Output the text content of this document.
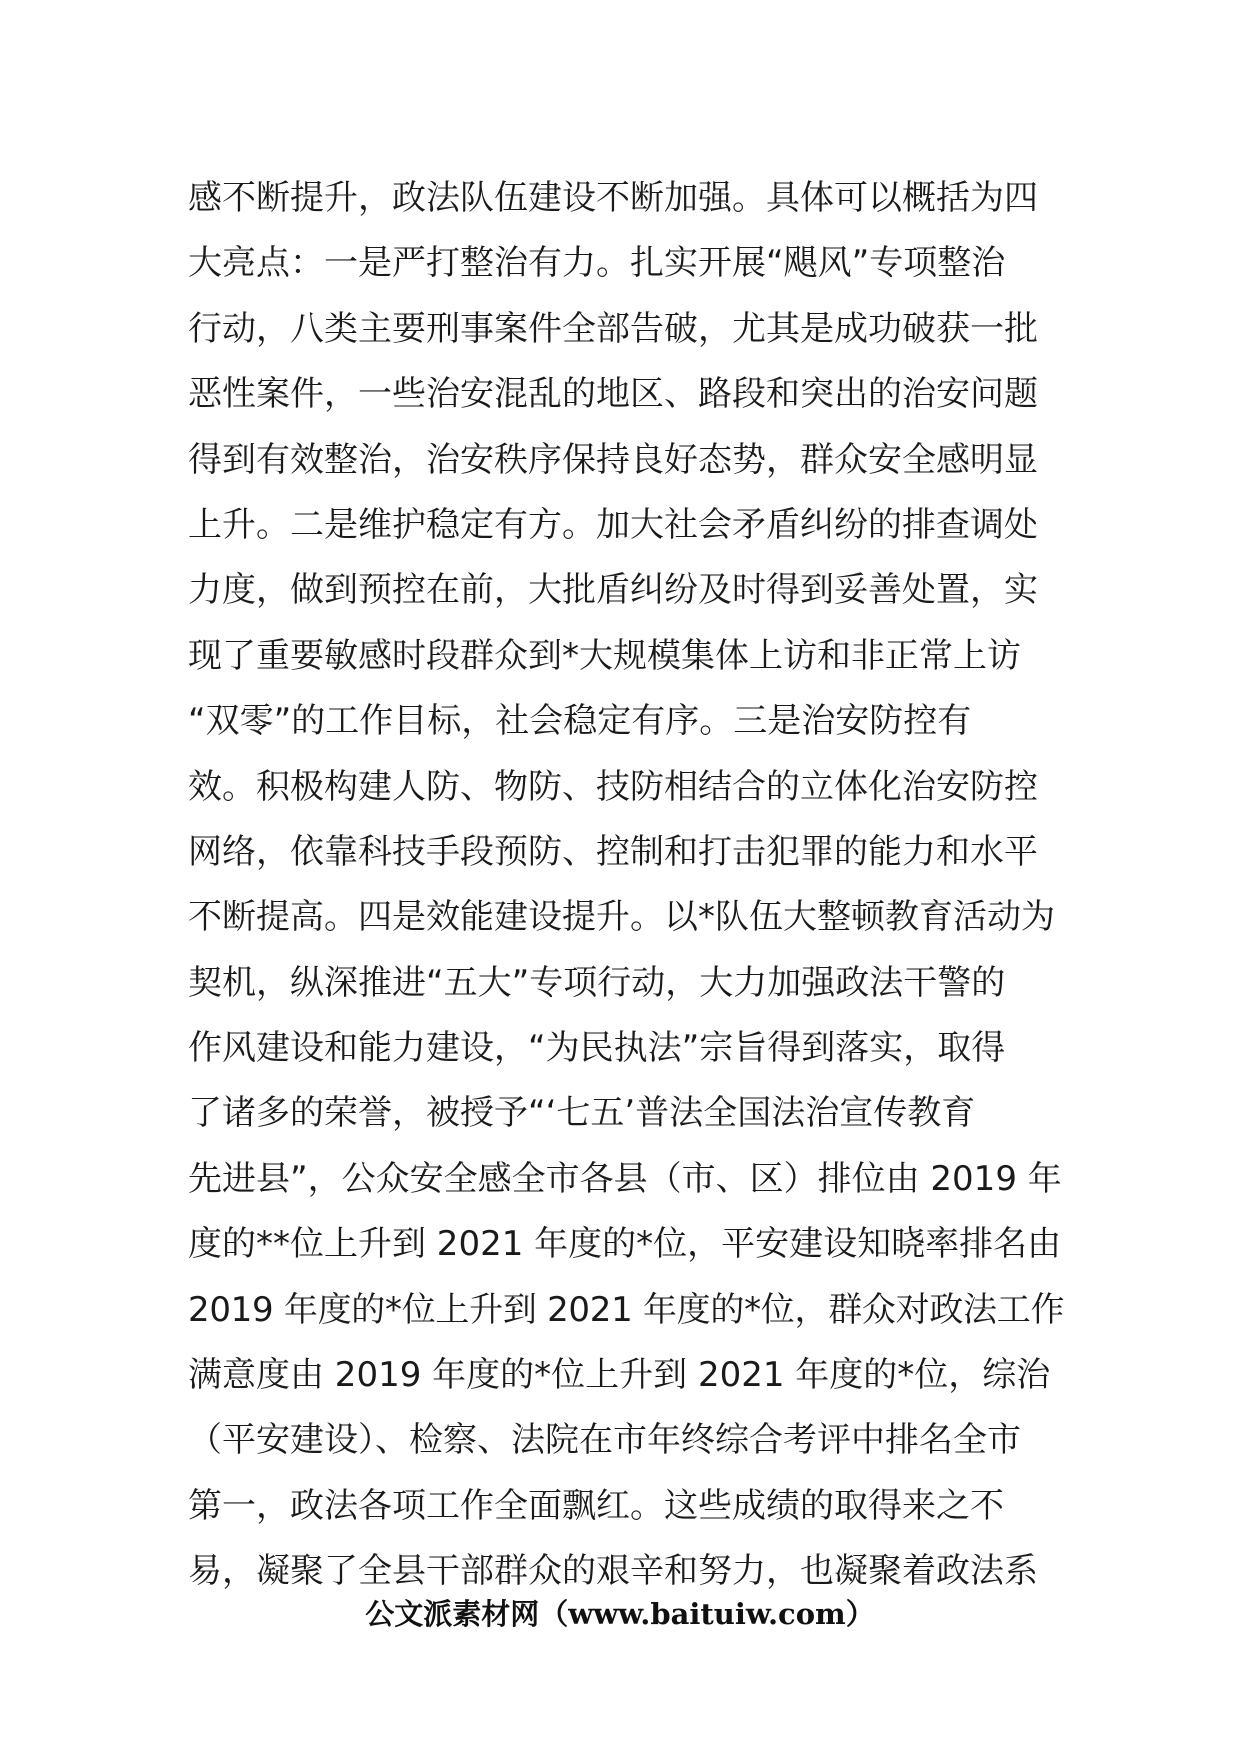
感不断提升，政法队伍建设不断加强。具体可以概括为四
大亮点：一是严打整治有力。扎实开展“飓风”专项整治
行动，八类主要刑事案件全部告破，尤其是成功破获一批
恶性案件，一些治安混乱的地区、路段和突出的治安问题
得到有效整治，治安秩序保持良好态势，群众安全感明显
上升。二是维护稳定有方。加大社会矛盾纠纷的排查调处
力度，做到预控在前，大批盾纠纷及时得到妥善处置，实
现了重要敏感时段群众到*大规模集体上访和非正常上访
“双零”的工作目标，社会稳定有序。三是治安防控有
效。积极构建人防、物防、技防相结合的立体化治安防控
网络，依靠科技手段预防、控制和打击犯罪的能力和水平
不断提高。四是效能建设提升。以*队伍大整顿教育活动为
契机，纵深推进“五大”专项行动，大力加强政法干警的
作风建设和能力建设，“为民执法”宗旨得到落实，取得
了诸多的荣誉，被授予“‘七五’普法全国法治宣传教育
先进县”，公众安全感全市各县（市、区）排位由 2019 年
度的**位上升到 2021 年度的*位，平安建设知晓率排名由
2019 年度的*位上升到 2021 年度的*位，群众对政法工作
满意度由 2019 年度的*位上升到 2021 年度的*位，综治
（平安建设）、检察、法院在市年终综合考评中排名全市
第一，政法各项工作全面飘红。这些成绩的取得来之不
易，凝聚了全县干部群众的艰辛和努力，也凝聚着政法系
公文派素材网（www.baituiw.com）
